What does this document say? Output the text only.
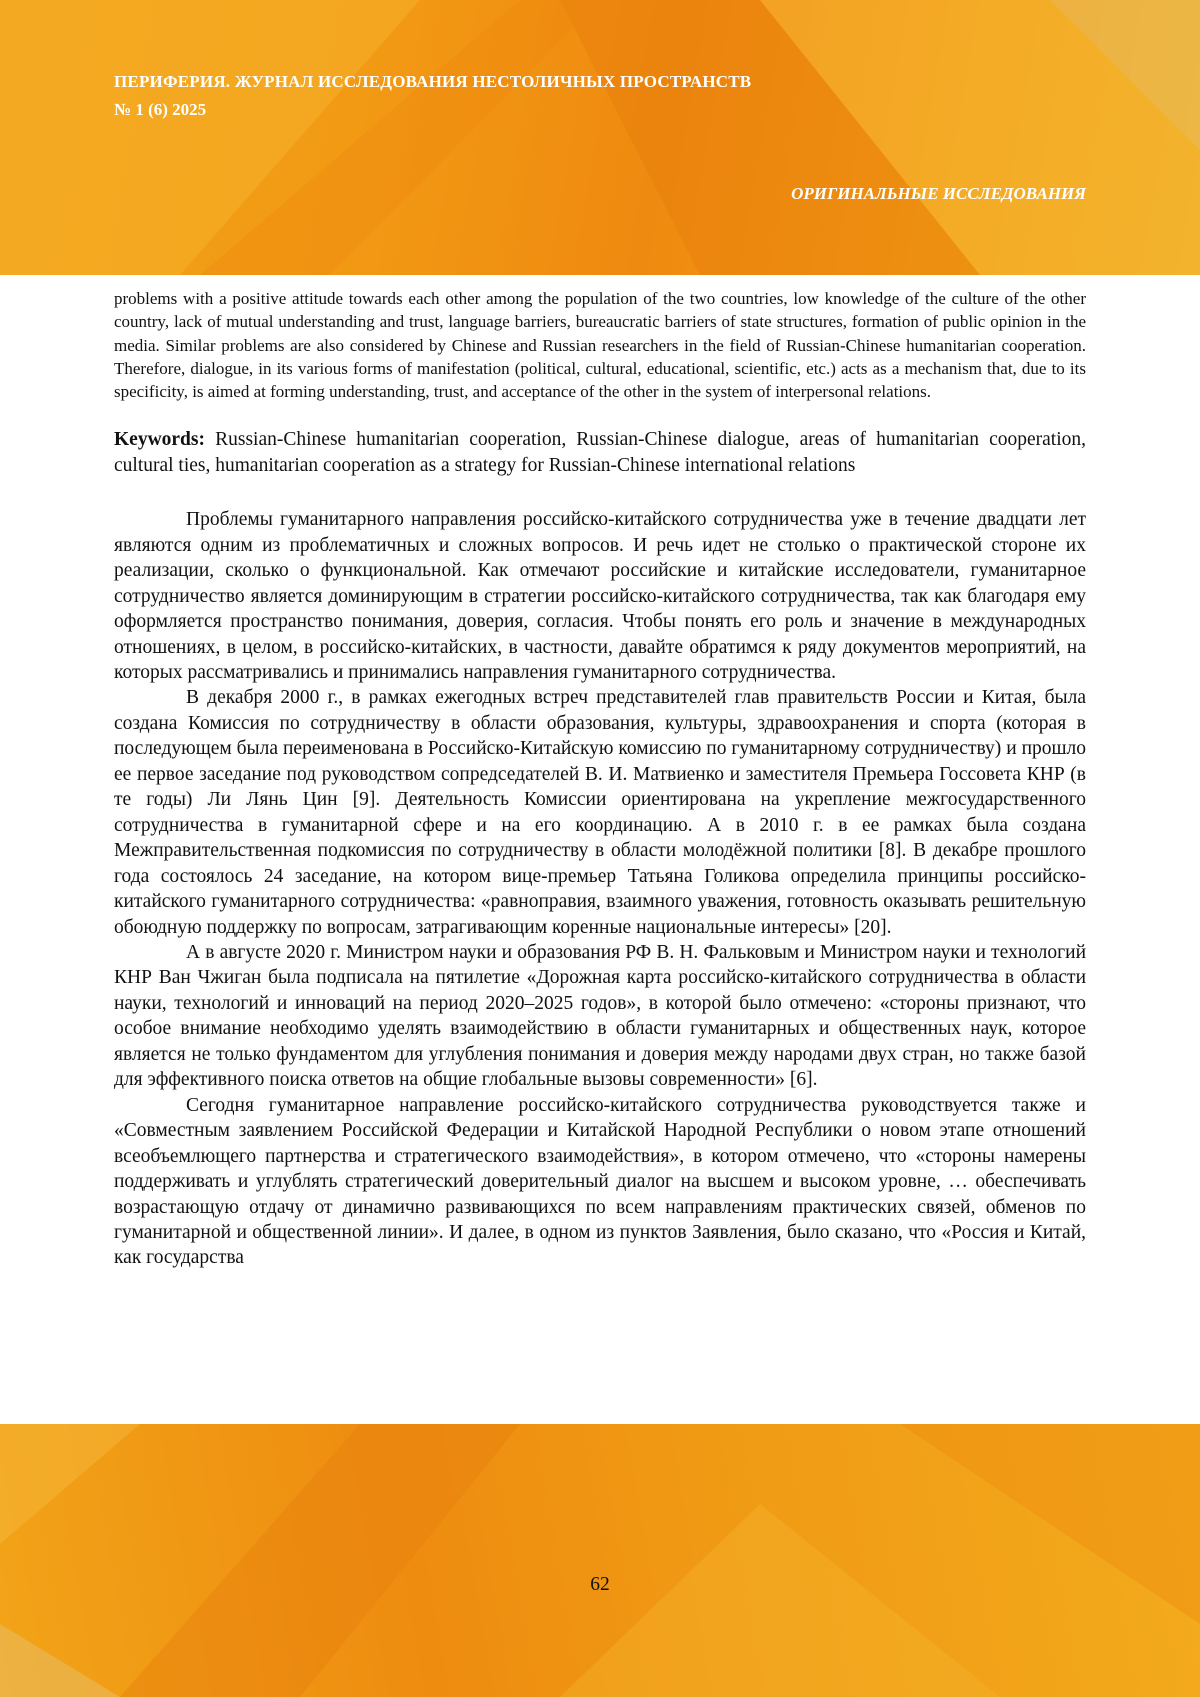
ПЕРИФЕРИЯ. ЖУРНАЛ ИССЛЕДОВАНИЯ НЕСТОЛИЧНЫХ ПРОСТРАНСТВ

№ 1 (6) 2025

ОРИГИНАЛЬНЫЕ ИССЛЕДОВАНИЯ

problems with a positive attitude towards each other among the population of the two countries, low knowledge of the culture of the other country, lack of mutual understanding and trust, language barriers, bureaucratic barriers of state structures, formation of public opinion in the media. Similar problems are also considered by Chinese and Russian researchers in the field of Russian-Chinese humanitarian cooperation. Therefore, dialogue, in its various forms of manifestation (political, cultural, educational, scientific, etc.) acts as a mechanism that, due to its specificity, is aimed at forming understanding, trust, and acceptance of the other in the system of interpersonal relations.

Keywords: Russian-Chinese humanitarian cooperation, Russian-Chinese dialogue, areas of humanitarian cooperation, cultural ties, humanitarian cooperation as a strategy for Russian-Chinese international relations

Проблемы гуманитарного направления российско-китайского сотрудничества уже в течение двадцати лет являются одним из проблематичных и сложных вопросов. И речь идет не столько о практической стороне их реализации, сколько о функциональной. Как отмечают российские и китайские исследователи, гуманитарное сотрудничество является доминирующим в стратегии российско-китайского сотрудничества, так как благодаря ему оформляется пространство понимания, доверия, согласия. Чтобы понять его роль и значение в международных отношениях, в целом, в российско-китайских, в частности, давайте обратимся к ряду документов мероприятий, на которых рассматривались и принимались направления гуманитарного сотрудничества.

В декабря 2000 г., в рамках ежегодных встреч представителей глав правительств России и Китая, была создана Комиссия по сотрудничеству в области образования, культуры, здравоохранения и спорта (которая в последующем была переименована в Российско-Китайскую комиссию по гуманитарному сотрудничеству) и прошло ее первое заседание под руководством сопредседателей В. И. Матвиенко и заместителя Премьера Госсовета КНР (в те годы) Ли Лянь Цин [9]. Деятельность Комиссии ориентирована на укрепление межгосударственного сотрудничества в гуманитарной сфере и на его координацию. А в 2010 г. в ее рамках была создана Межправительственная подкомиссия по сотрудничеству в области молодёжной политики [8]. В декабре прошлого года состоялось 24 заседание, на котором вице-премьер Татьяна Голикова определила принципы российско-китайского гуманитарного сотрудничества: «равноправия, взаимного уважения, готовность оказывать решительную обоюдную поддержку по вопросам, затрагивающим коренные национальные интересы» [20].

А в августе 2020 г. Министром науки и образования РФ В. Н. Фальковым и Министром науки и технологий КНР Ван Чжиган была подписала на пятилетие «Дорожная карта российско-китайского сотрудничества в области науки, технологий и инноваций на период 2020–2025 годов», в которой было отмечено: «стороны признают, что особое внимание необходимо уделять взаимодействию в области гуманитарных и общественных наук, которое является не только фундаментом для углубления понимания и доверия между народами двух стран, но также базой для эффективного поиска ответов на общие глобальные вызовы современности» [6].

Сегодня гуманитарное направление российско-китайского сотрудничества руководствуется также и «Совместным заявлением Российской Федерации и Китайской Народной Республики о новом этапе отношений всеобъемлющего партнерства и стратегического взаимодействия», в котором отмечено, что «стороны намерены поддерживать и углублять стратегический доверительный диалог на высшем и высоком уровне, … обеспечивать возрастающую отдачу от динамично развивающихся по всем направлениям практических связей, обменов по гуманитарной и общественной линии». И далее, в одном из пунктов Заявления, было сказано, что «Россия и Китай, как государства

62
